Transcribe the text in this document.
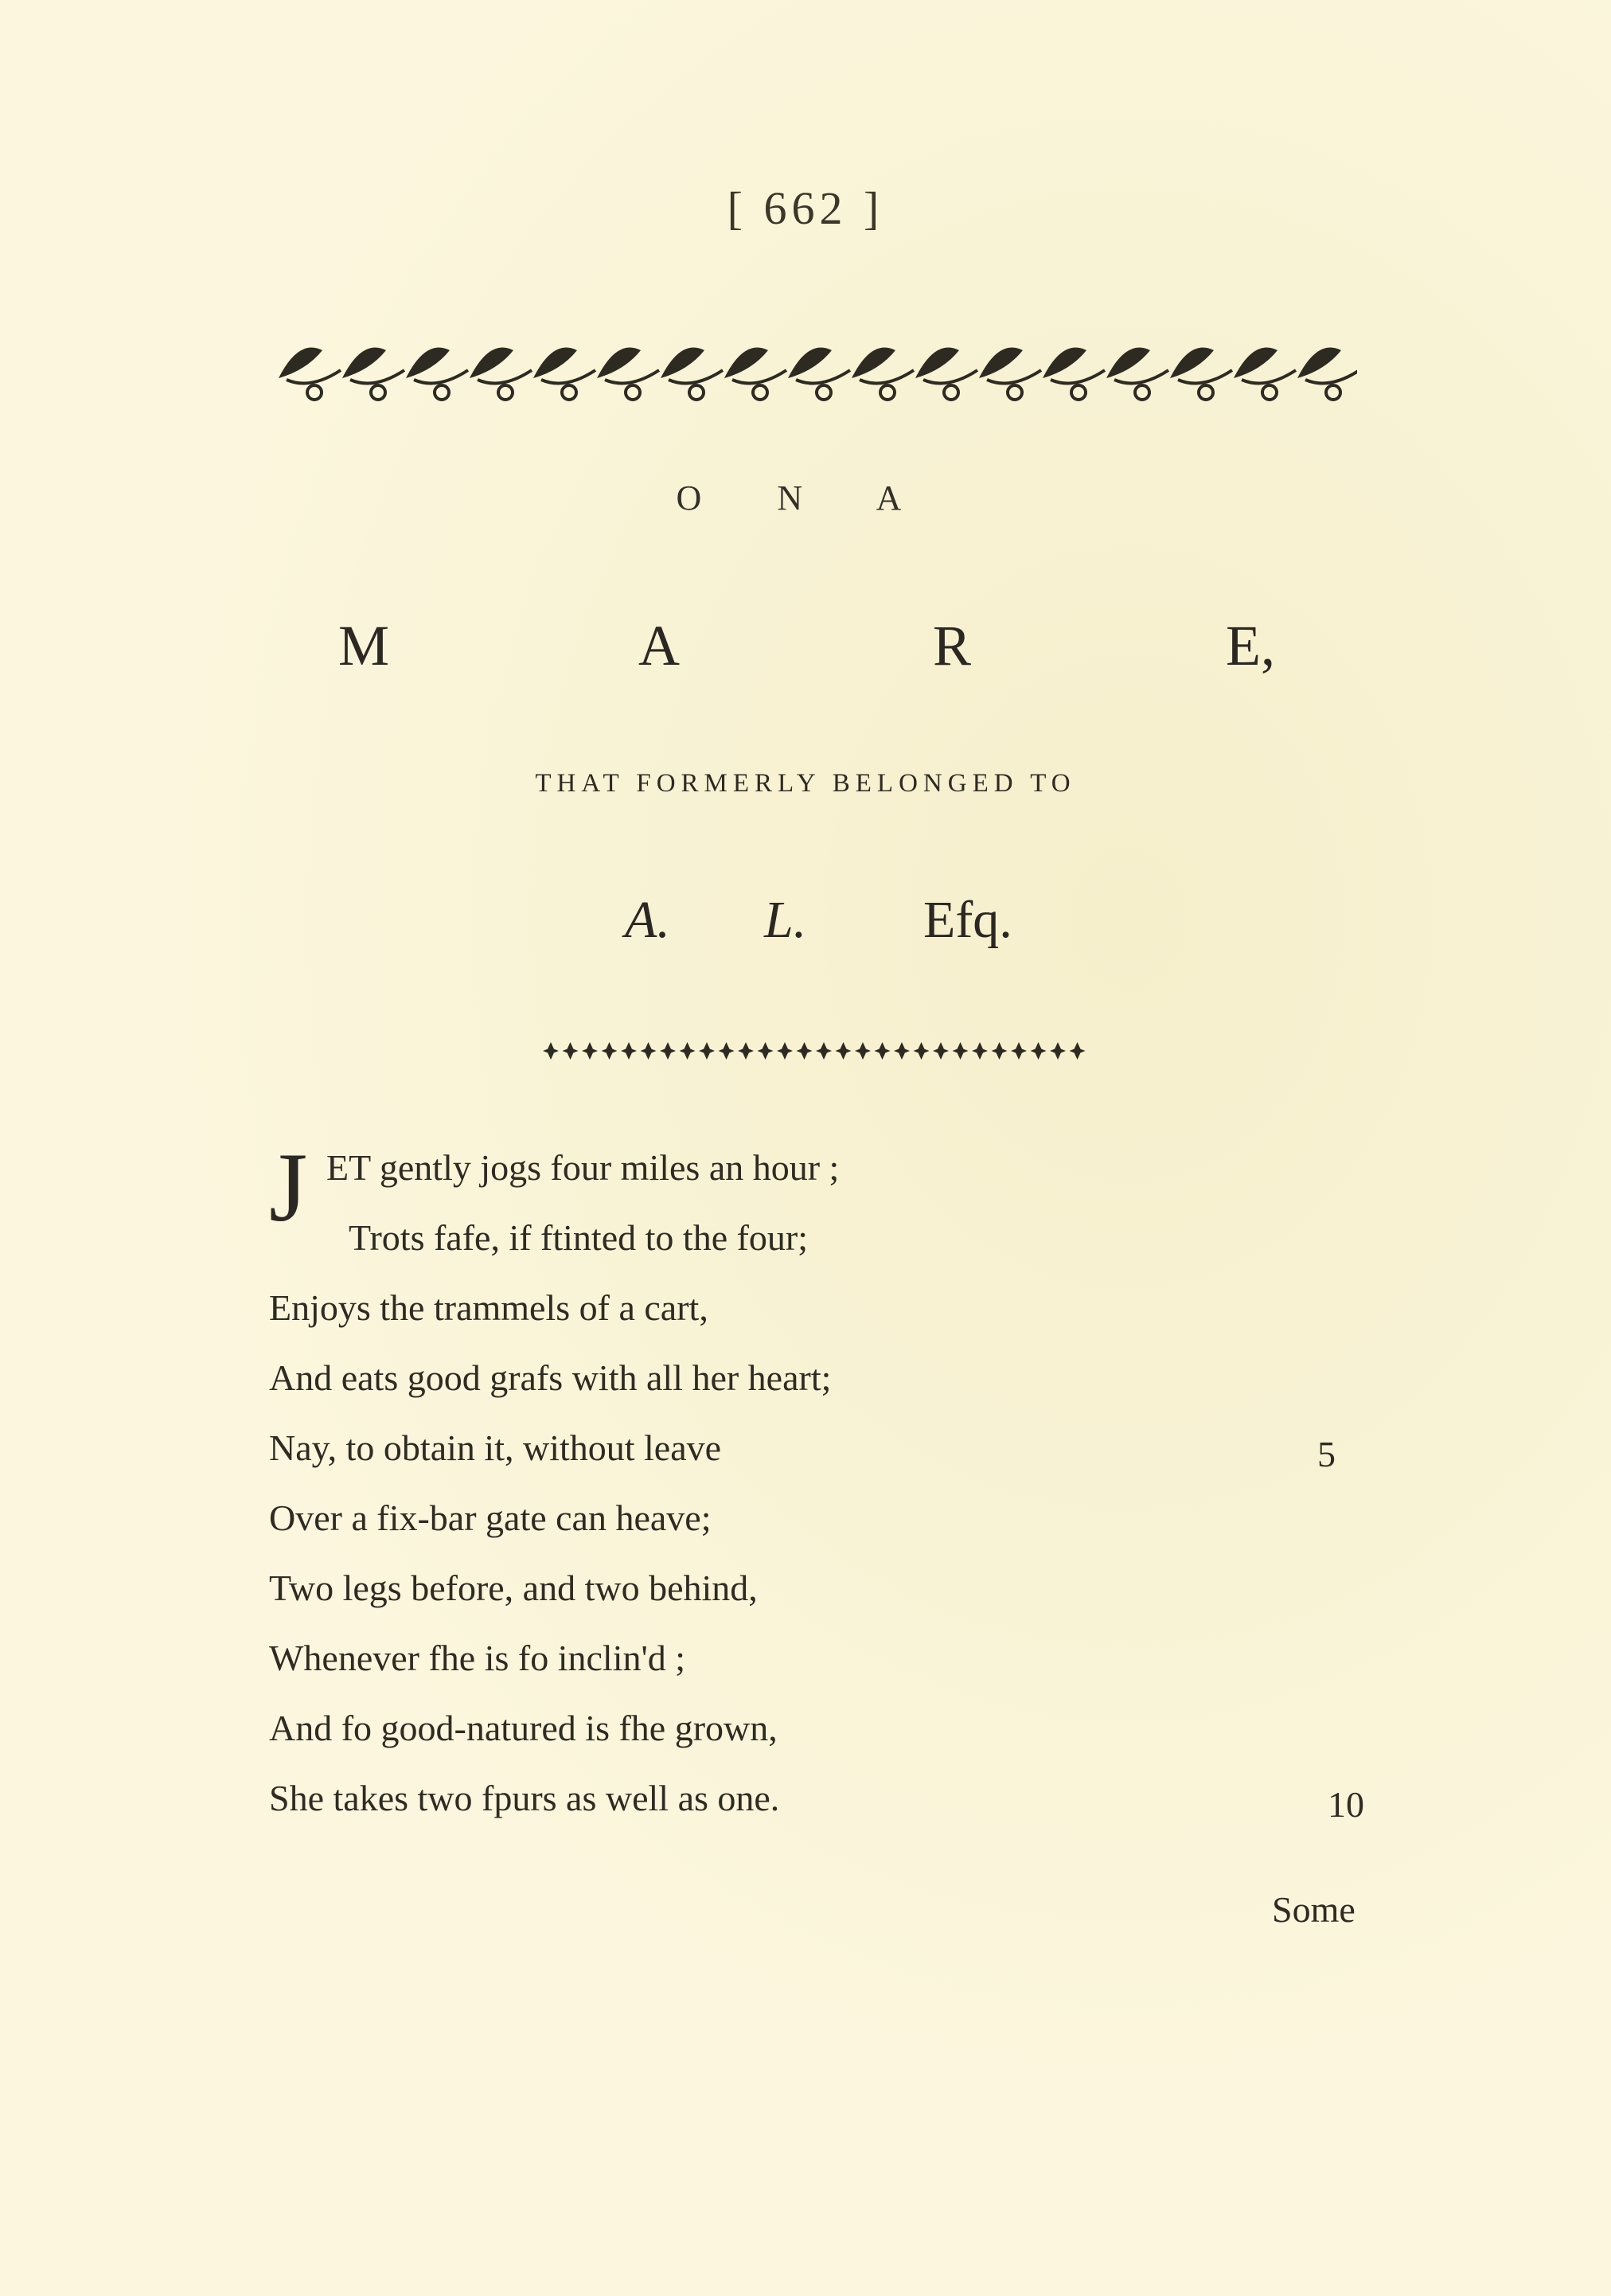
[ 662 ]
O N A
M	A	R	E,
THAT FORMERLY BELONGED TO
A. L. Efq.
J ET gently jogs four miles an hour ;
Trots fafe, if ftinted to the four;
Enjoys the trammels of a cart,
And eats good grafs with all her heart;
Nay, to obtain it, without leave
Over a fix-bar gate can heave;
Two legs before, and two behind,
Whenever fhe is fo inclin'd ;
And fo good-natured is fhe grown,
She takes two fpurs as well as one.
5
10
Some
